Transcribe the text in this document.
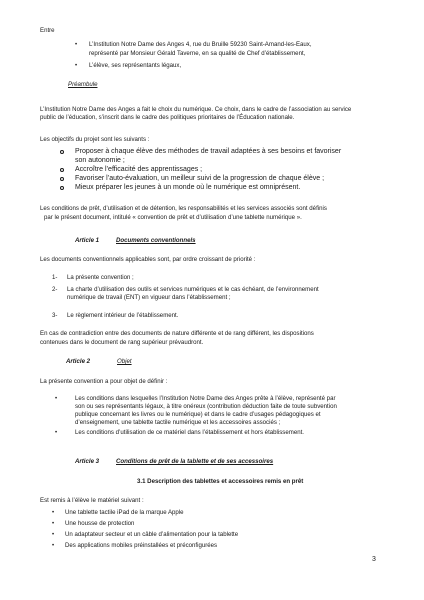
Entre
• L’Institution Notre Dame des Anges 4, rue du Bruille 59230 Saint-Amand-les-Eaux,
représenté par Monsieur Gérald Taverne, en sa qualité de Chef d’établissement,
• L’élève, ses représentants légaux,
Préambule
L’Institution Notre Dame des Anges a fait le choix du numérique. Ce choix, dans le cadre de l’association au service
public de l’éducation, s’inscrit dans le cadre des politiques prioritaires de l’Éducation nationale.
Les objectifs du projet sont les suivants :
Proposer à chaque élève des méthodes de travail adaptées à ses besoins et favoriser
son autonomie ;
Accroître l’efficacité des apprentissages ;
Favoriser l’auto-évaluation, un meilleur suivi de la progression de chaque élève ;
Mieux préparer les jeunes à un monde où le numérique est omniprésent.
Les conditions de prêt, d’utilisation et de détention, les responsabilités et les services associés sont définis
par le présent document, intitulé « convention de prêt et d’utilisation d’une tablette numérique ».
Article 1	Documents conventionnels
Les documents conventionnels applicables sont, par ordre croissant de priorité :
1- La présente convention ;
2- La charte d’utilisation des outils et services numériques et le cas échéant, de l’environnement
numérique de travail (ENT) en vigueur dans l’établissement ;
3- Le règlement intérieur de l’établissement.
En cas de contradiction entre des documents de nature différente et de rang différent, les dispositions
contenues dans le document de rang supérieur prévaudront.
Article 2	Objet
La présente convention a pour objet de définir :
•	Les conditions dans lesquelles l’Institution Notre Dame des Anges prête à l’élève, représenté par
son ou ses représentants légaux, à titre onéreux (contribution déduction faite de toute subvention
publique concernant les livres ou le numérique) et dans le cadre d’usages pédagogiques et
d’enseignement, une tablette tactile numérique et les accessoires associés ;
•	Les conditions d’utilisation de ce matériel dans l’établissement et hors établissement.
Article 3	Conditions de prêt de la tablette et de ses accessoires
3.1 Description des tablettes et accessoires remis en prêt
Est remis à l’élève le matériel suivant :
• Une tablette tactile iPad de la marque Apple
• Une housse de protection
• Un adaptateur secteur et un câble d’alimentation pour la tablette
• Des applications mobiles préinstallées et préconfigurées
3
